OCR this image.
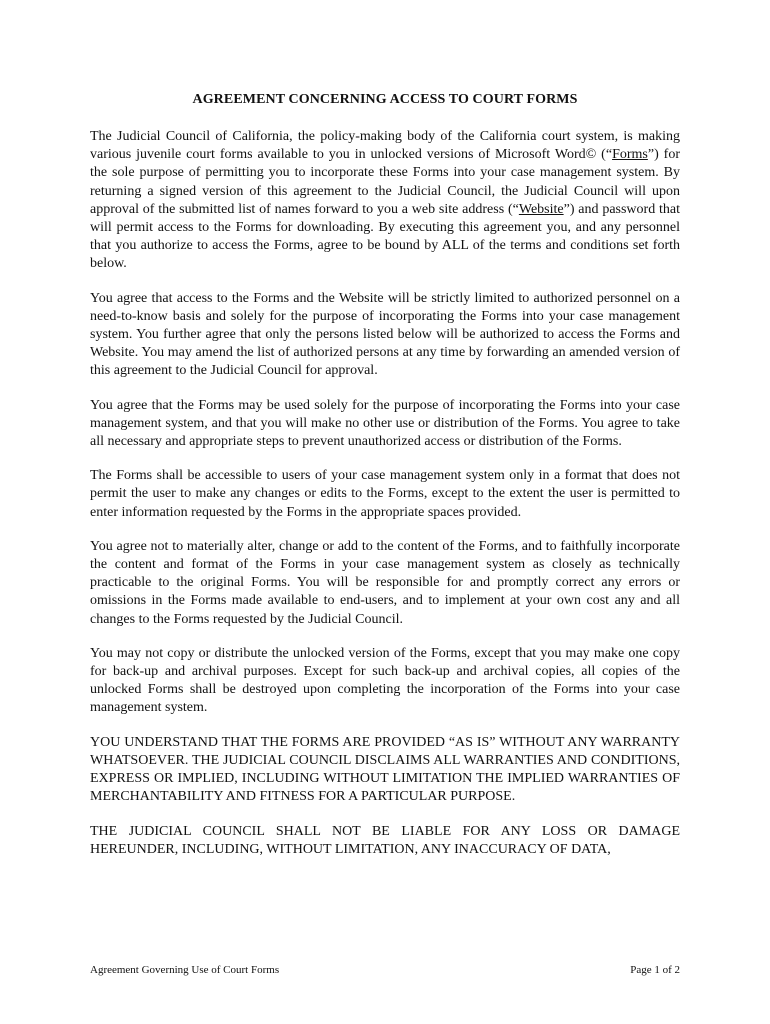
AGREEMENT CONCERNING ACCESS TO COURT FORMS

The Judicial Council of California, the policy-making body of the California court system, is making various juvenile court forms available to you in unlocked versions of Microsoft Word© (“Forms”) for the sole purpose of permitting you to incorporate these Forms into your case management system. By returning a signed version of this agreement to the Judicial Council, the Judicial Council will upon approval of the submitted list of names forward to you a web site address (“Website”) and password that will permit access to the Forms for downloading. By executing this agreement you, and any personnel that you authorize to access the Forms, agree to be bound by ALL of the terms and conditions set forth below.

You agree that access to the Forms and the Website will be strictly limited to authorized personnel on a need-to-know basis and solely for the purpose of incorporating the Forms into your case management system. You further agree that only the persons listed below will be authorized to access the Forms and Website. You may amend the list of authorized persons at any time by forwarding an amended version of this agreement to the Judicial Council for approval.

You agree that the Forms may be used solely for the purpose of incorporating the Forms into your case management system, and that you will make no other use or distribution of the Forms. You agree to take all necessary and appropriate steps to prevent unauthorized access or distribution of the Forms.

The Forms shall be accessible to users of your case management system only in a format that does not permit the user to make any changes or edits to the Forms, except to the extent the user is permitted to enter information requested by the Forms in the appropriate spaces provided.

You agree not to materially alter, change or add to the content of the Forms, and to faithfully incorporate the content and format of the Forms in your case management system as closely as technically practicable to the original Forms. You will be responsible for and promptly correct any errors or omissions in the Forms made available to end-users, and to implement at your own cost any and all changes to the Forms requested by the Judicial Council.

You may not copy or distribute the unlocked version of the Forms, except that you may make one copy for back-up and archival purposes. Except for such back-up and archival copies, all copies of the unlocked Forms shall be destroyed upon completing the incorporation of the Forms into your case management system.

YOU UNDERSTAND THAT THE FORMS ARE PROVIDED “AS IS” WITHOUT ANY WARRANTY WHATSOEVER. THE JUDICIAL COUNCIL DISCLAIMS ALL WARRANTIES AND CONDITIONS, EXPRESS OR IMPLIED, INCLUDING WITHOUT LIMITATION THE IMPLIED WARRANTIES OF MERCHANTABILITY AND FITNESS FOR A PARTICULAR PURPOSE.

THE JUDICIAL COUNCIL SHALL NOT BE LIABLE FOR ANY LOSS OR DAMAGE HEREUNDER, INCLUDING, WITHOUT LIMITATION, ANY INACCURACY OF DATA,

Agreement Governing Use of Court Forms	Page 1 of 2
